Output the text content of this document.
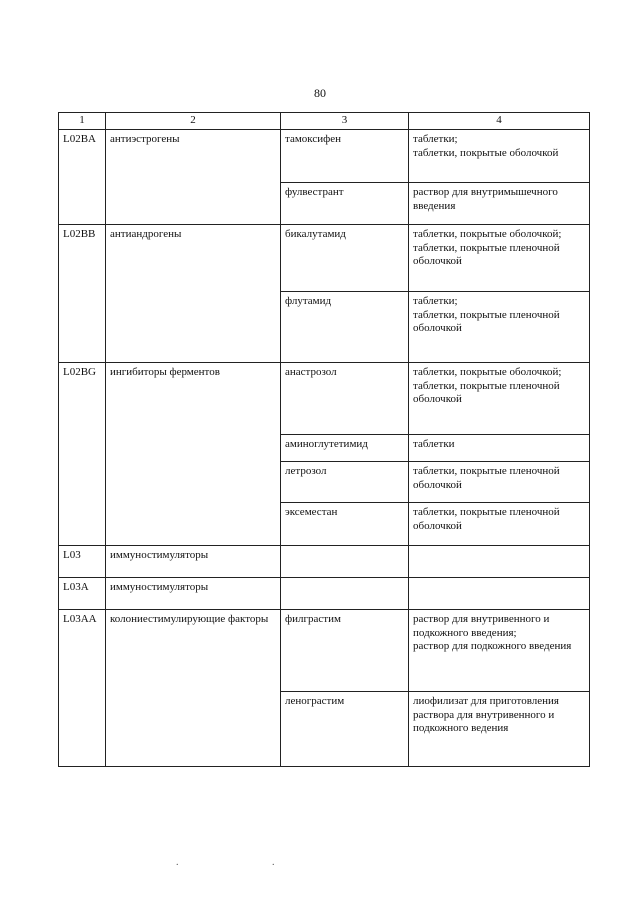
80
1	2	3	4
L02BA	антиэстрогены	тамоксифен	таблетки;
таблетки, покрытые оболочкой
		фулвестрант	раствор для внутримышечного введения
L02BB	антиандрогены	бикалутамид	таблетки, покрытые оболочкой;
таблетки, покрытые пленочной оболочкой
		флутамид	таблетки;
таблетки, покрытые пленочной оболочкой
L02BG	ингибиторы ферментов	анастрозол	таблетки, покрытые оболочкой;
таблетки, покрытые пленочной оболочкой
		аминоглутетимид	таблетки
		летрозол	таблетки, покрытые пленочной оболочкой
		эксеместан	таблетки, покрытые пленочной оболочкой
L03	иммуностимуляторы		
L03A	иммуностимуляторы		
L03AA	колониестимулирующие факторы	филграстим	раствор для внутривенного и подкожного введения;
раствор для подкожного введения
		ленограстим	лиофилизат для приготовления раствора для внутривенного и подкожного ведения
.	.
